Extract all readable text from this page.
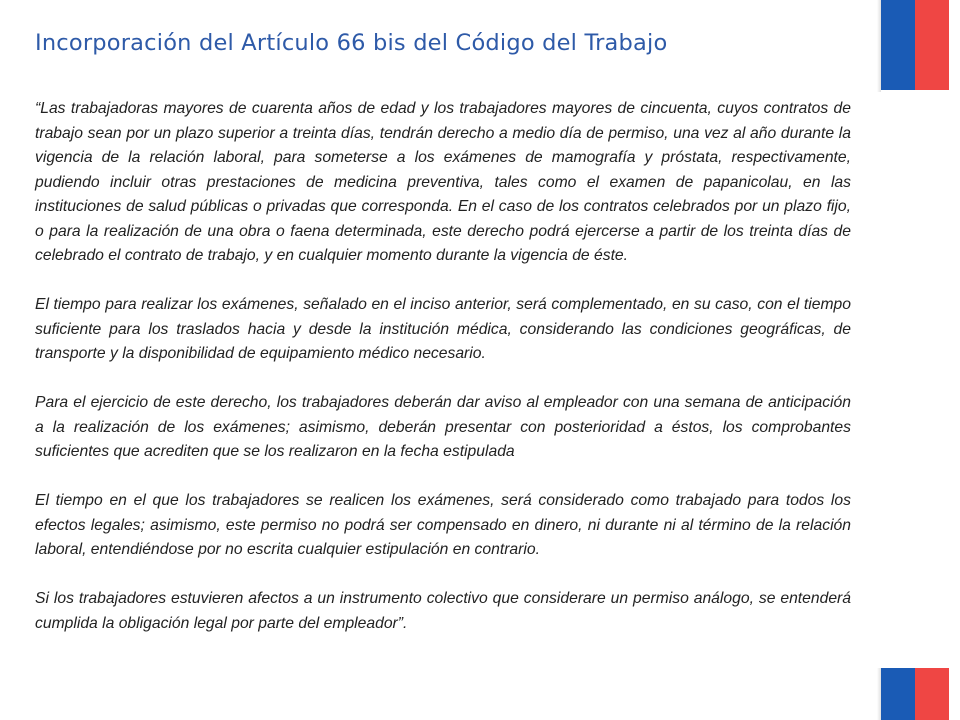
Incorporación del Artículo 66 bis del Código del Trabajo

“Las trabajadoras mayores de cuarenta años de edad y los trabajadores mayores de cincuenta, cuyos contratos de trabajo sean por un plazo superior a treinta días, tendrán derecho a medio día de permiso, una vez al año durante la vigencia de la relación laboral, para someterse a los exámenes de mamografía y próstata, respectivamente, pudiendo incluir otras prestaciones de medicina preventiva, tales como el examen de papanicolau, en las instituciones de salud públicas o privadas que corresponda. En el caso de los contratos celebrados por un plazo fijo, o para la realización de una obra o faena determinada, este derecho podrá ejercerse a partir de los treinta días de celebrado el contrato de trabajo, y en cualquier momento durante la vigencia de éste.

El tiempo para realizar los exámenes, señalado en el inciso anterior, será complementado, en su caso, con el tiempo suficiente para los traslados hacia y desde la institución médica, considerando las condiciones geográficas, de transporte y la disponibilidad de equipamiento médico necesario.

Para el ejercicio de este derecho, los trabajadores deberán dar aviso al empleador con una semana de anticipación a la realización de los exámenes; asimismo, deberán presentar con posterioridad a éstos, los comprobantes suficientes que acrediten que se los realizaron en la fecha estipulada

El tiempo en el que los trabajadores se realicen los exámenes, será considerado como trabajado para todos los efectos legales; asimismo, este permiso no podrá ser compensado en dinero, ni durante ni al término de la relación laboral, entendiéndose por no escrita cualquier estipulación en contrario.

Si los trabajadores estuvieren afectos a un instrumento colectivo que considerare un permiso análogo, se entenderá cumplida la obligación legal por parte del empleador”.
